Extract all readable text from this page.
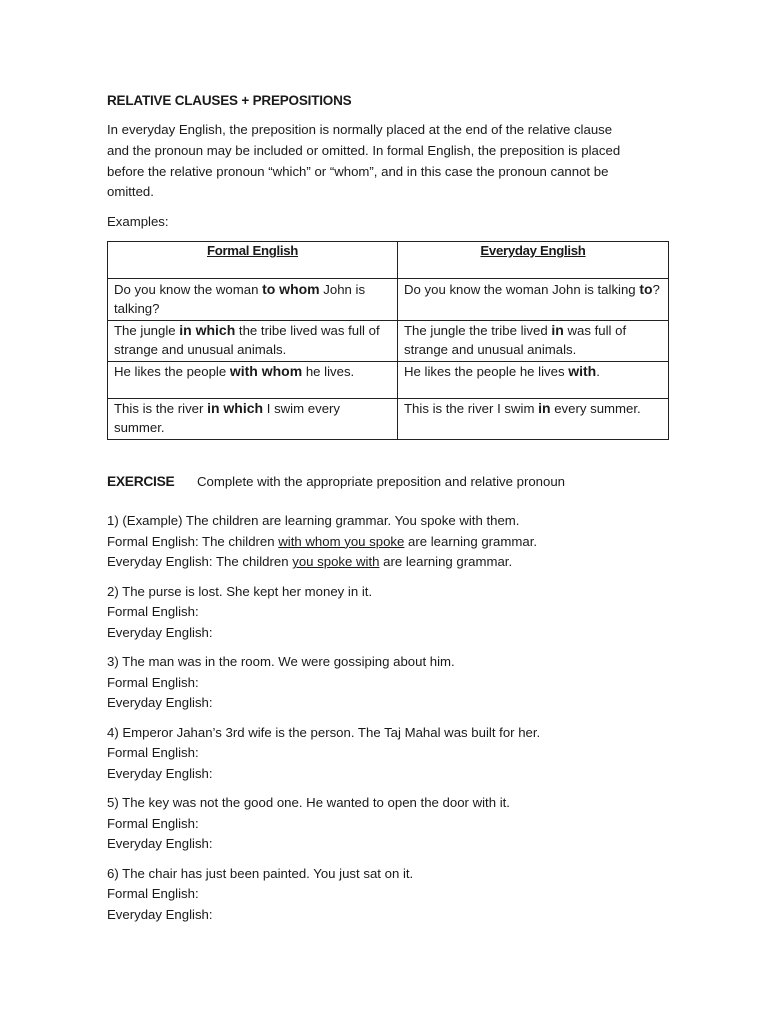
RELATIVE CLAUSES + PREPOSITIONS
In everyday English, the preposition is normally placed at the end of the relative clause
and the pronoun may be included or omitted. In formal English, the preposition is placed
before the relative pronoun “which” or “whom”, and in this case the pronoun cannot be
omitted.
Examples:
Formal English	Everyday English
Do you know the woman to whom John is talking?	Do you know the woman John is talking to?
The jungle in which the tribe lived was full of strange and unusual animals.	The jungle the tribe lived in was full of strange and unusual animals.
He likes the people with whom he lives.	He likes the people he lives with.
This is the river in which I swim every summer.	This is the river I swim in every summer.
EXERCISE Complete with the appropriate preposition and relative pronoun
1) (Example) The children are learning grammar. You spoke with them.
Formal English: The children with whom you spoke are learning grammar.
Everyday English: The children you spoke with are learning grammar.
2) The purse is lost. She kept her money in it.
Formal English:
Everyday English:
3) The man was in the room. We were gossiping about him.
Formal English:
Everyday English:
4) Emperor Jahan’s 3rd wife is the person. The Taj Mahal was built for her.
Formal English:
Everyday English:
5) The key was not the good one. He wanted to open the door with it.
Formal English:
Everyday English:
6) The chair has just been painted. You just sat on it.
Formal English:
Everyday English:
